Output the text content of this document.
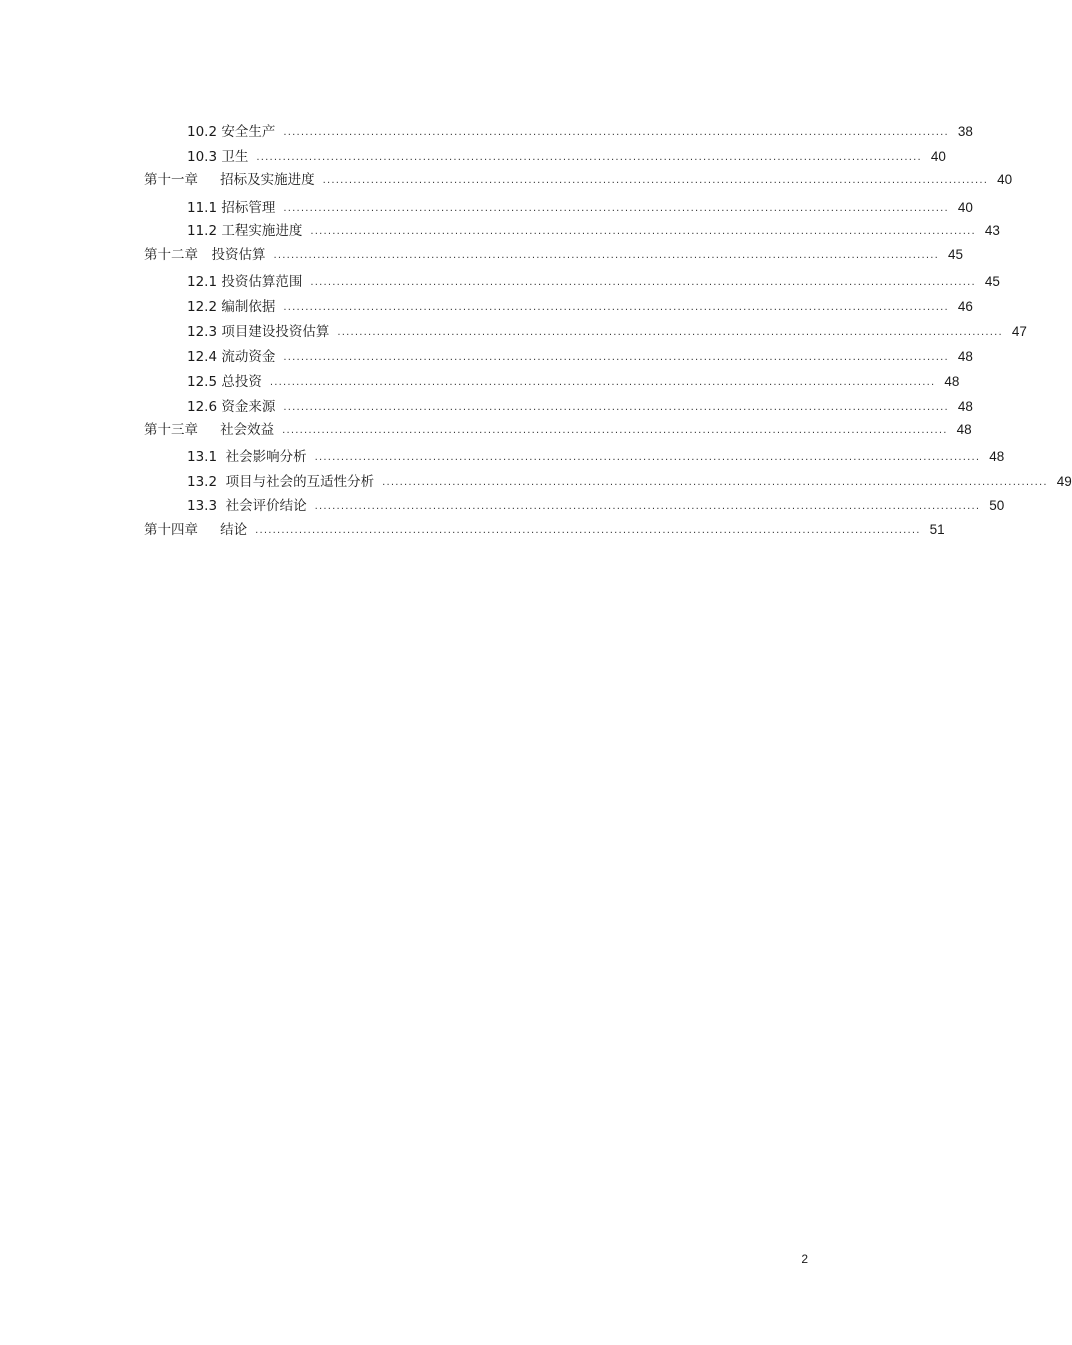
10.2 安全生产 ........................................................................................................................................................ 38
10.3 卫生 ........................................................................................................................................................ 40
第十一章　  招标及实施进度 ........................................................................................................................................................ 40
11.1 招标管理 ........................................................................................................................................................ 40
11.2 工程实施进度 ........................................................................................................................................................ 43
第十二章　投资估算 ........................................................................................................................................................ 45
12.1 投资估算范围 ........................................................................................................................................................ 45
12.2 编制依据 ........................................................................................................................................................ 46
12.3 项目建设投资估算 ........................................................................................................................................................ 47
12.4 流动资金 ........................................................................................................................................................ 48
12.5 总投资 ........................................................................................................................................................ 48
12.6 资金来源 ........................................................................................................................................................ 48
第十三章　  社会效益 ........................................................................................................................................................ 48
13.1  社会影响分析 ........................................................................................................................................................ 48
13.2  项目与社会的互适性分析 ........................................................................................................................................................ 49
13.3  社会评价结论 ........................................................................................................................................................ 50
第十四章　  结论 ........................................................................................................................................................ 51
2
